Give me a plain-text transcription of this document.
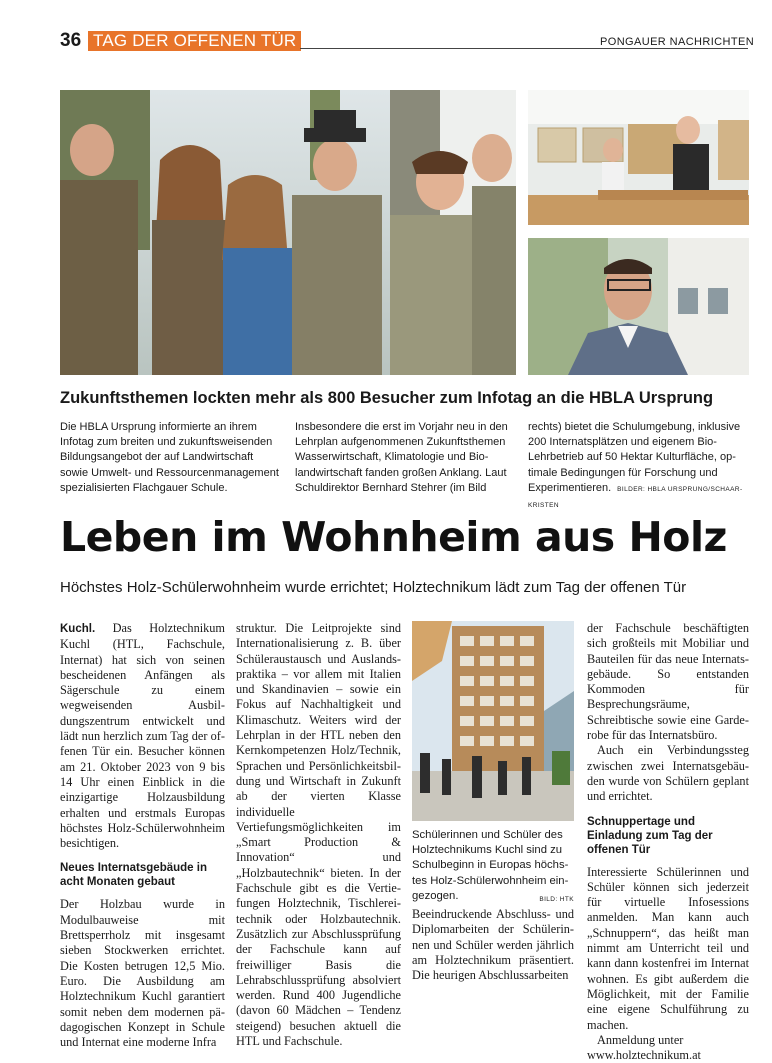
36 TAG DER OFFENEN TÜR	PONGAUER NACHRICHTEN
Zukunftsthemen lockten mehr als 800 Besucher zum Infotag an die HBLA Ursprung
Die HBLA Ursprung informierte an ihrem Infotag zum breiten und zukunftsweisenden Bildungsangebot der auf Landwirtschaft sowie Umwelt- und Ressourcenmanagement spezialisierten Flachgauer Schule.
Insbesondere die erst im Vorjahr neu in den Lehrplan aufgenommenen Zukunftsthemen Wasserwirtschaft, Klimatologie und Biolandwirtschaft fanden großen Anklang. Laut Schuldirektor Bernhard Stehrer (im Bild
rechts) bietet die Schulumgebung, inklusive 200 Internatsplätzen und eigenem Bio-Lehrbetrieb auf 50 Hektar Kulturfläche, optimale Bedingungen für Forschung und Experimentieren. BILDER: HBLA URSPRUNG/SCHAAR-KRISTEN
Leben im Wohnheim aus Holz
Höchstes Holz-Schülerwohnheim wurde errichtet; Holztechnikum lädt zum Tag der offenen Tür

Kuchl. Das Holztechnikum Kuchl (HTL, Fachschule, Internat) hat sich von seinen bescheidenen Anfängen als Sägerschule zu einem wegweisenden Ausbildungszentrum entwickelt und lädt nun herzlich zum Tag der offenen Tür ein. Besucher können am 21. Oktober 2023 von 9 bis 14 Uhr einen Einblick in die einzigartige Holzausbildung erhalten und erstmals Europas höchstes Holz-Schülerwohnheim besichtigen.

Neues Internatsgebäude in acht Monaten gebaut

Der Holzbau wurde in Modulbauweise mit Brettsperrholz mit insgesamt sieben Stockwerken errichtet. Die Kosten betrugen 12,5 Mio. Euro. Die Ausbildung am Holztechnikum Kuchl garantiert somit neben dem modernen pädagogischen Konzept in Schule und Internat eine moderne Infra

struktur. Die Leitprojekte sind Internationalisierung z. B. über Schüleraustausch und Auslandspraktika – vor allem mit Italien und Skandinavien – sowie ein Fokus auf Nachhaltigkeit und Klimaschutz. Weiters wird der Lehrplan in der HTL neben den Kernkompetenzen Holz/Technik, Sprachen und Persönlichkeitsbildung und Wirtschaft in Zukunft ab der vierten Klasse individuelle Vertiefungsmöglichkeiten im „Smart Production & Innovation“ und „Holzbautechnik“ bieten. In der Fachschule gibt es die Vertiefungen Holztechnik, Tischlereitechnik oder Holzbautechnik. Zusätzlich zur Abschlussprüfung der Fachschule kann auf freiwilliger Basis die Lehrabschlussprüfung absolviert werden. Rund 400 Jugendliche (davon 60 Mädchen – Tendenz steigend) besuchen aktuell die HTL und Fachschule.

Schülerinnen und Schüler des Holztechnikums Kuchl sind zu Schulbeginn in Europas höchstes Holz-Schülerwohnheim eingezogen.	BILD: HTK
Beeindruckende Abschluss- und Diplomarbeiten der Schülerinnen und Schüler werden jährlich am Holztechnikum präsentiert. Die heurigen Abschlussarbeiten

der Fachschule beschäftigten sich großteils mit Mobiliar und Bauteilen für das neue Internatsgebäude. So entstanden Kommoden für Besprechungsräume, Schreibtische sowie eine Garderobe für das Internatsbüro.

Auch ein Verbindungssteg zwischen zwei Internatsgebäuden wurde von Schülern geplant und errichtet.

Schnuppertage und Einladung zum Tag der offenen Tür

Interessierte Schülerinnen und Schüler können sich jederzeit für virtuelle Infosessions anmelden. Man kann auch „Schnuppern“, das heißt man nimmt am Unterricht teil und kann dann kostenfrei im Internat wohnen. Es gibt außerdem die Möglichkeit, mit der Familie eine eigene Schulführung zu machen.

Anmeldung unter

www.holztechnikum.at
